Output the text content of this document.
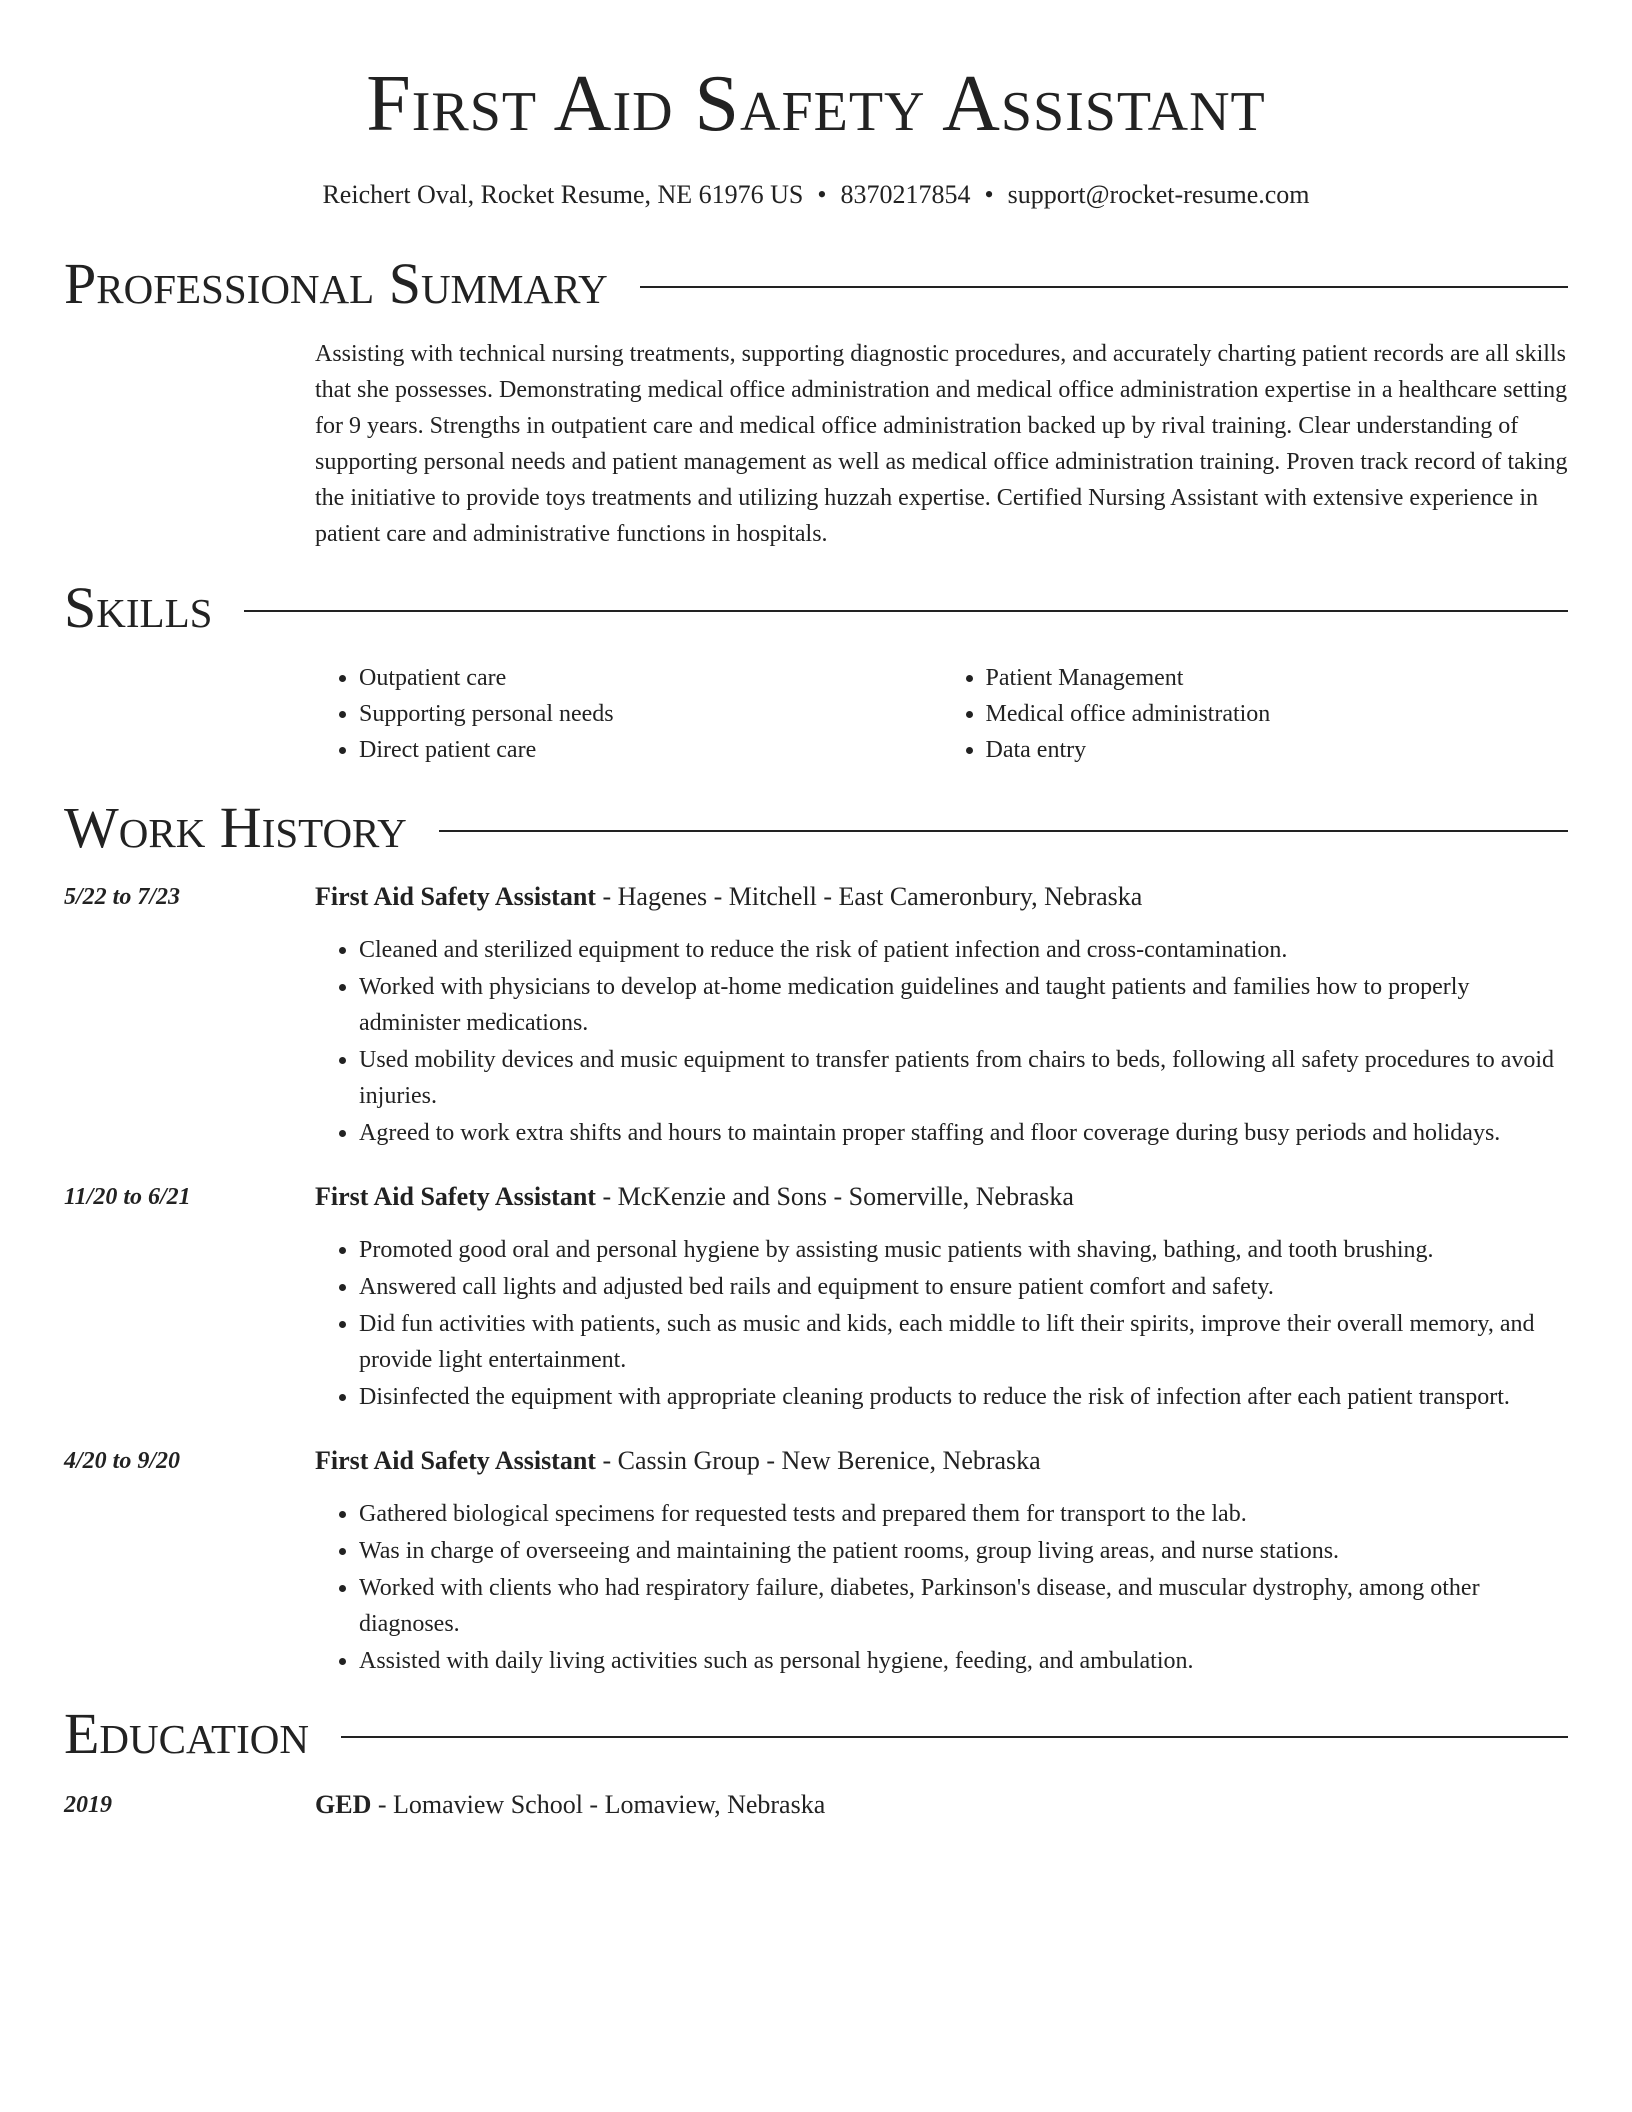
First Aid Safety Assistant
Reichert Oval, Rocket Resume, NE 61976 US • 8370217854 • support@rocket-resume.com
Professional Summary
Assisting with technical nursing treatments, supporting diagnostic procedures, and accurately charting patient records are all skills that she possesses. Demonstrating medical office administration and medical office administration expertise in a healthcare setting for 9 years. Strengths in outpatient care and medical office administration backed up by rival training. Clear understanding of supporting personal needs and patient management as well as medical office administration training. Proven track record of taking the initiative to provide toys treatments and utilizing huzzah expertise. Certified Nursing Assistant with extensive experience in patient care and administrative functions in hospitals.
Skills
• Outpatient care
• Supporting personal needs
• Direct patient care
• Patient Management
• Medical office administration
• Data entry
Work History
5/22 to 7/23	First Aid Safety Assistant - Hagenes - Mitchell - East Cameronbury, Nebraska
• Cleaned and sterilized equipment to reduce the risk of patient infection and cross-contamination.
• Worked with physicians to develop at-home medication guidelines and taught patients and families how to properly administer medications.
• Used mobility devices and music equipment to transfer patients from chairs to beds, following all safety procedures to avoid injuries.
• Agreed to work extra shifts and hours to maintain proper staffing and floor coverage during busy periods and holidays.
11/20 to 6/21	First Aid Safety Assistant - McKenzie and Sons - Somerville, Nebraska
• Promoted good oral and personal hygiene by assisting music patients with shaving, bathing, and tooth brushing.
• Answered call lights and adjusted bed rails and equipment to ensure patient comfort and safety.
• Did fun activities with patients, such as music and kids, each middle to lift their spirits, improve their overall memory, and provide light entertainment.
• Disinfected the equipment with appropriate cleaning products to reduce the risk of infection after each patient transport.
4/20 to 9/20	First Aid Safety Assistant - Cassin Group - New Berenice, Nebraska
• Gathered biological specimens for requested tests and prepared them for transport to the lab.
• Was in charge of overseeing and maintaining the patient rooms, group living areas, and nurse stations.
• Worked with clients who had respiratory failure, diabetes, Parkinson's disease, and muscular dystrophy, among other diagnoses.
• Assisted with daily living activities such as personal hygiene, feeding, and ambulation.
Education
2019	GED - Lomaview School - Lomaview, Nebraska
